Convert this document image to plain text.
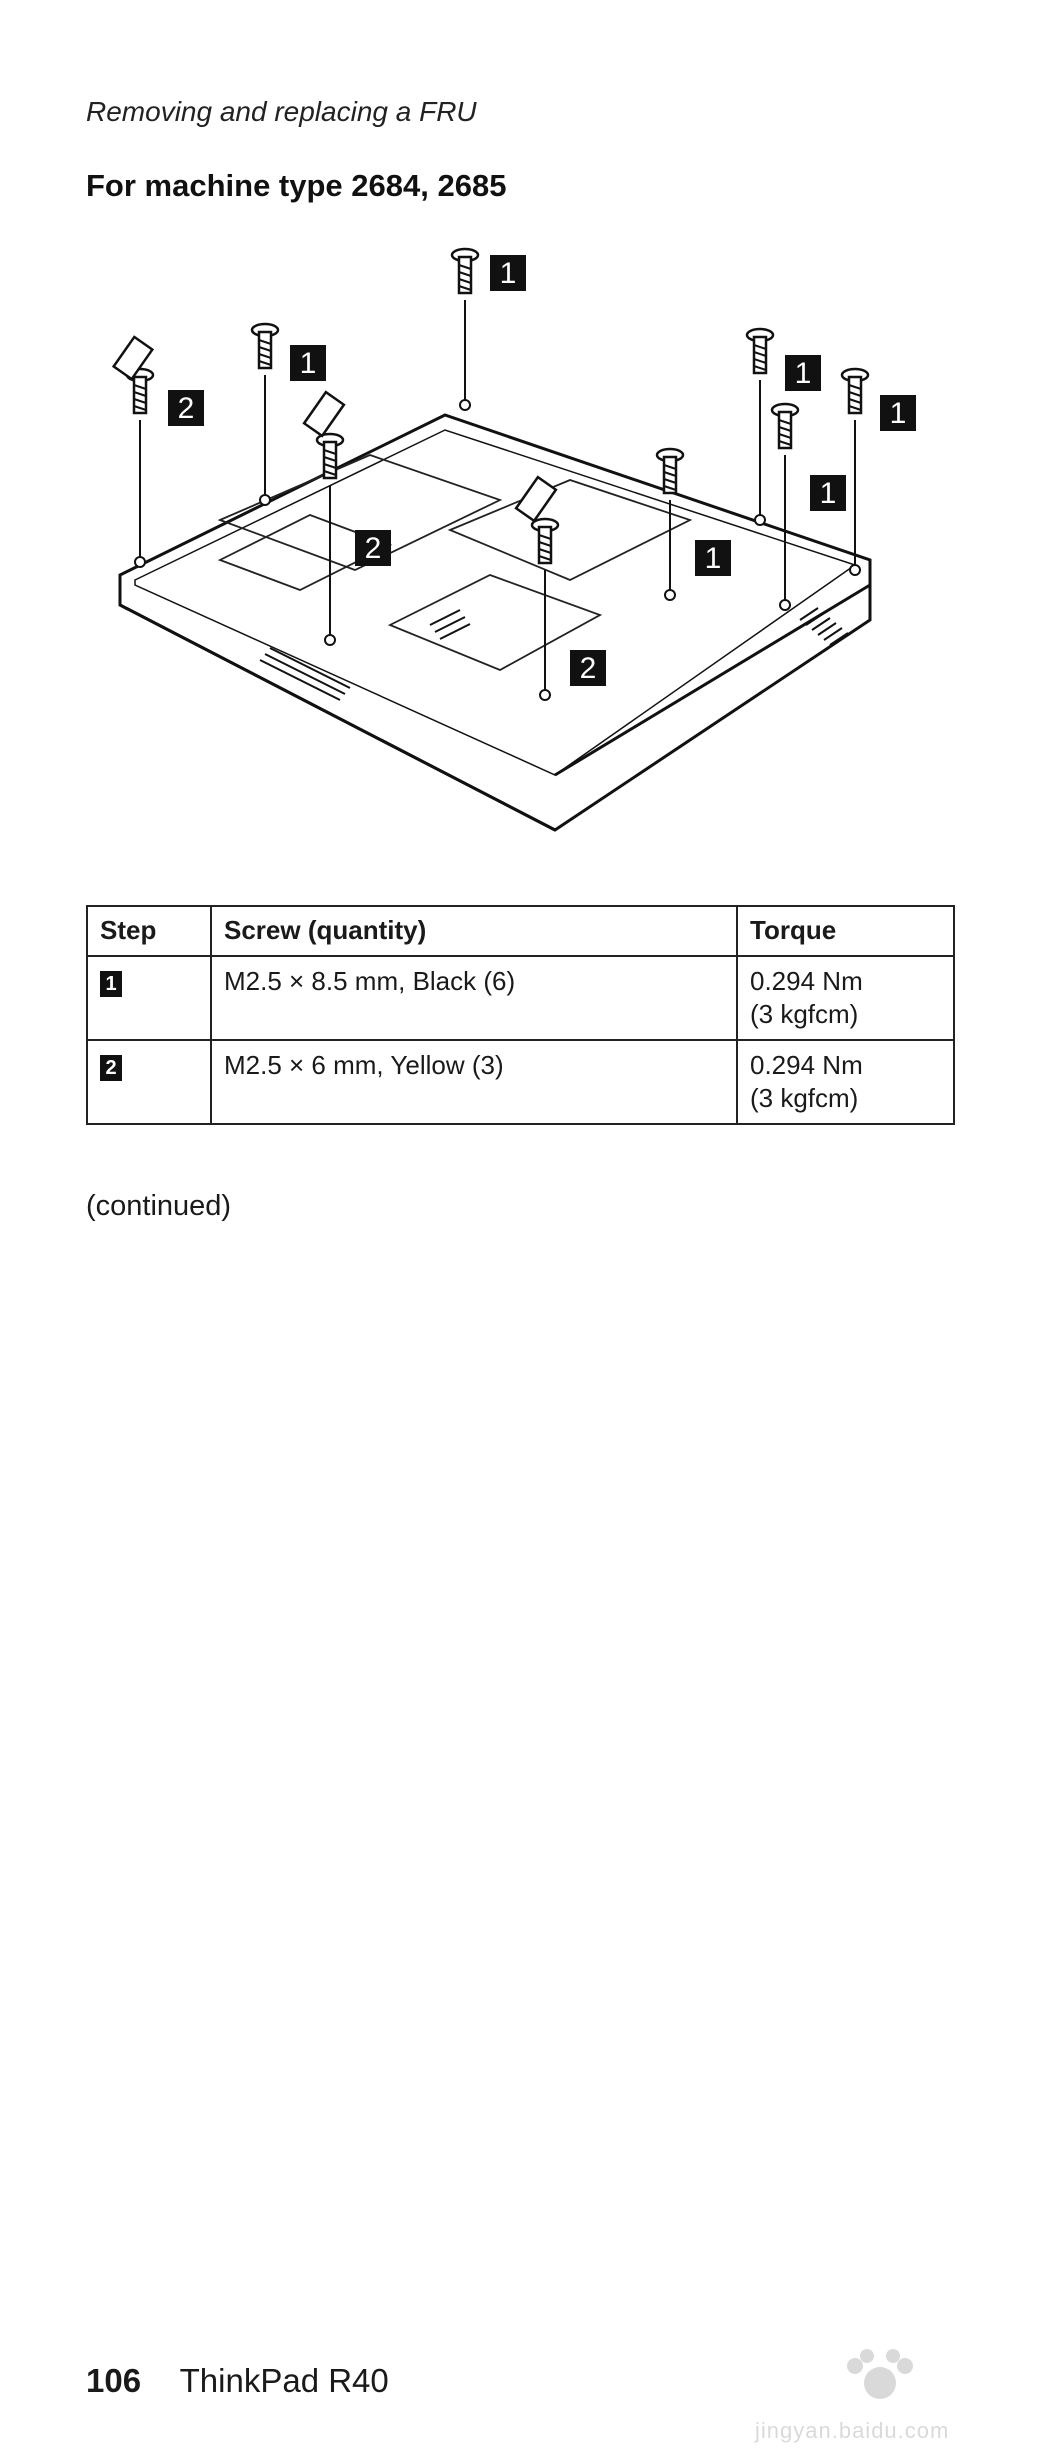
Removing and replacing a FRU
For machine type 2684, 2685
1
1	1
2	1
2
1
1
2
Step	Screw (quantity)	Torque
1	M2.5 × 8.5 mm, Black (6)	0.294 Nm
(3 kgfcm)

2	M2.5 × 6 mm, Yellow (3)	0.294 Nm
(3 kgfcm)
(continued)
106 ThinkPad R40
jingyan.baidu.com
